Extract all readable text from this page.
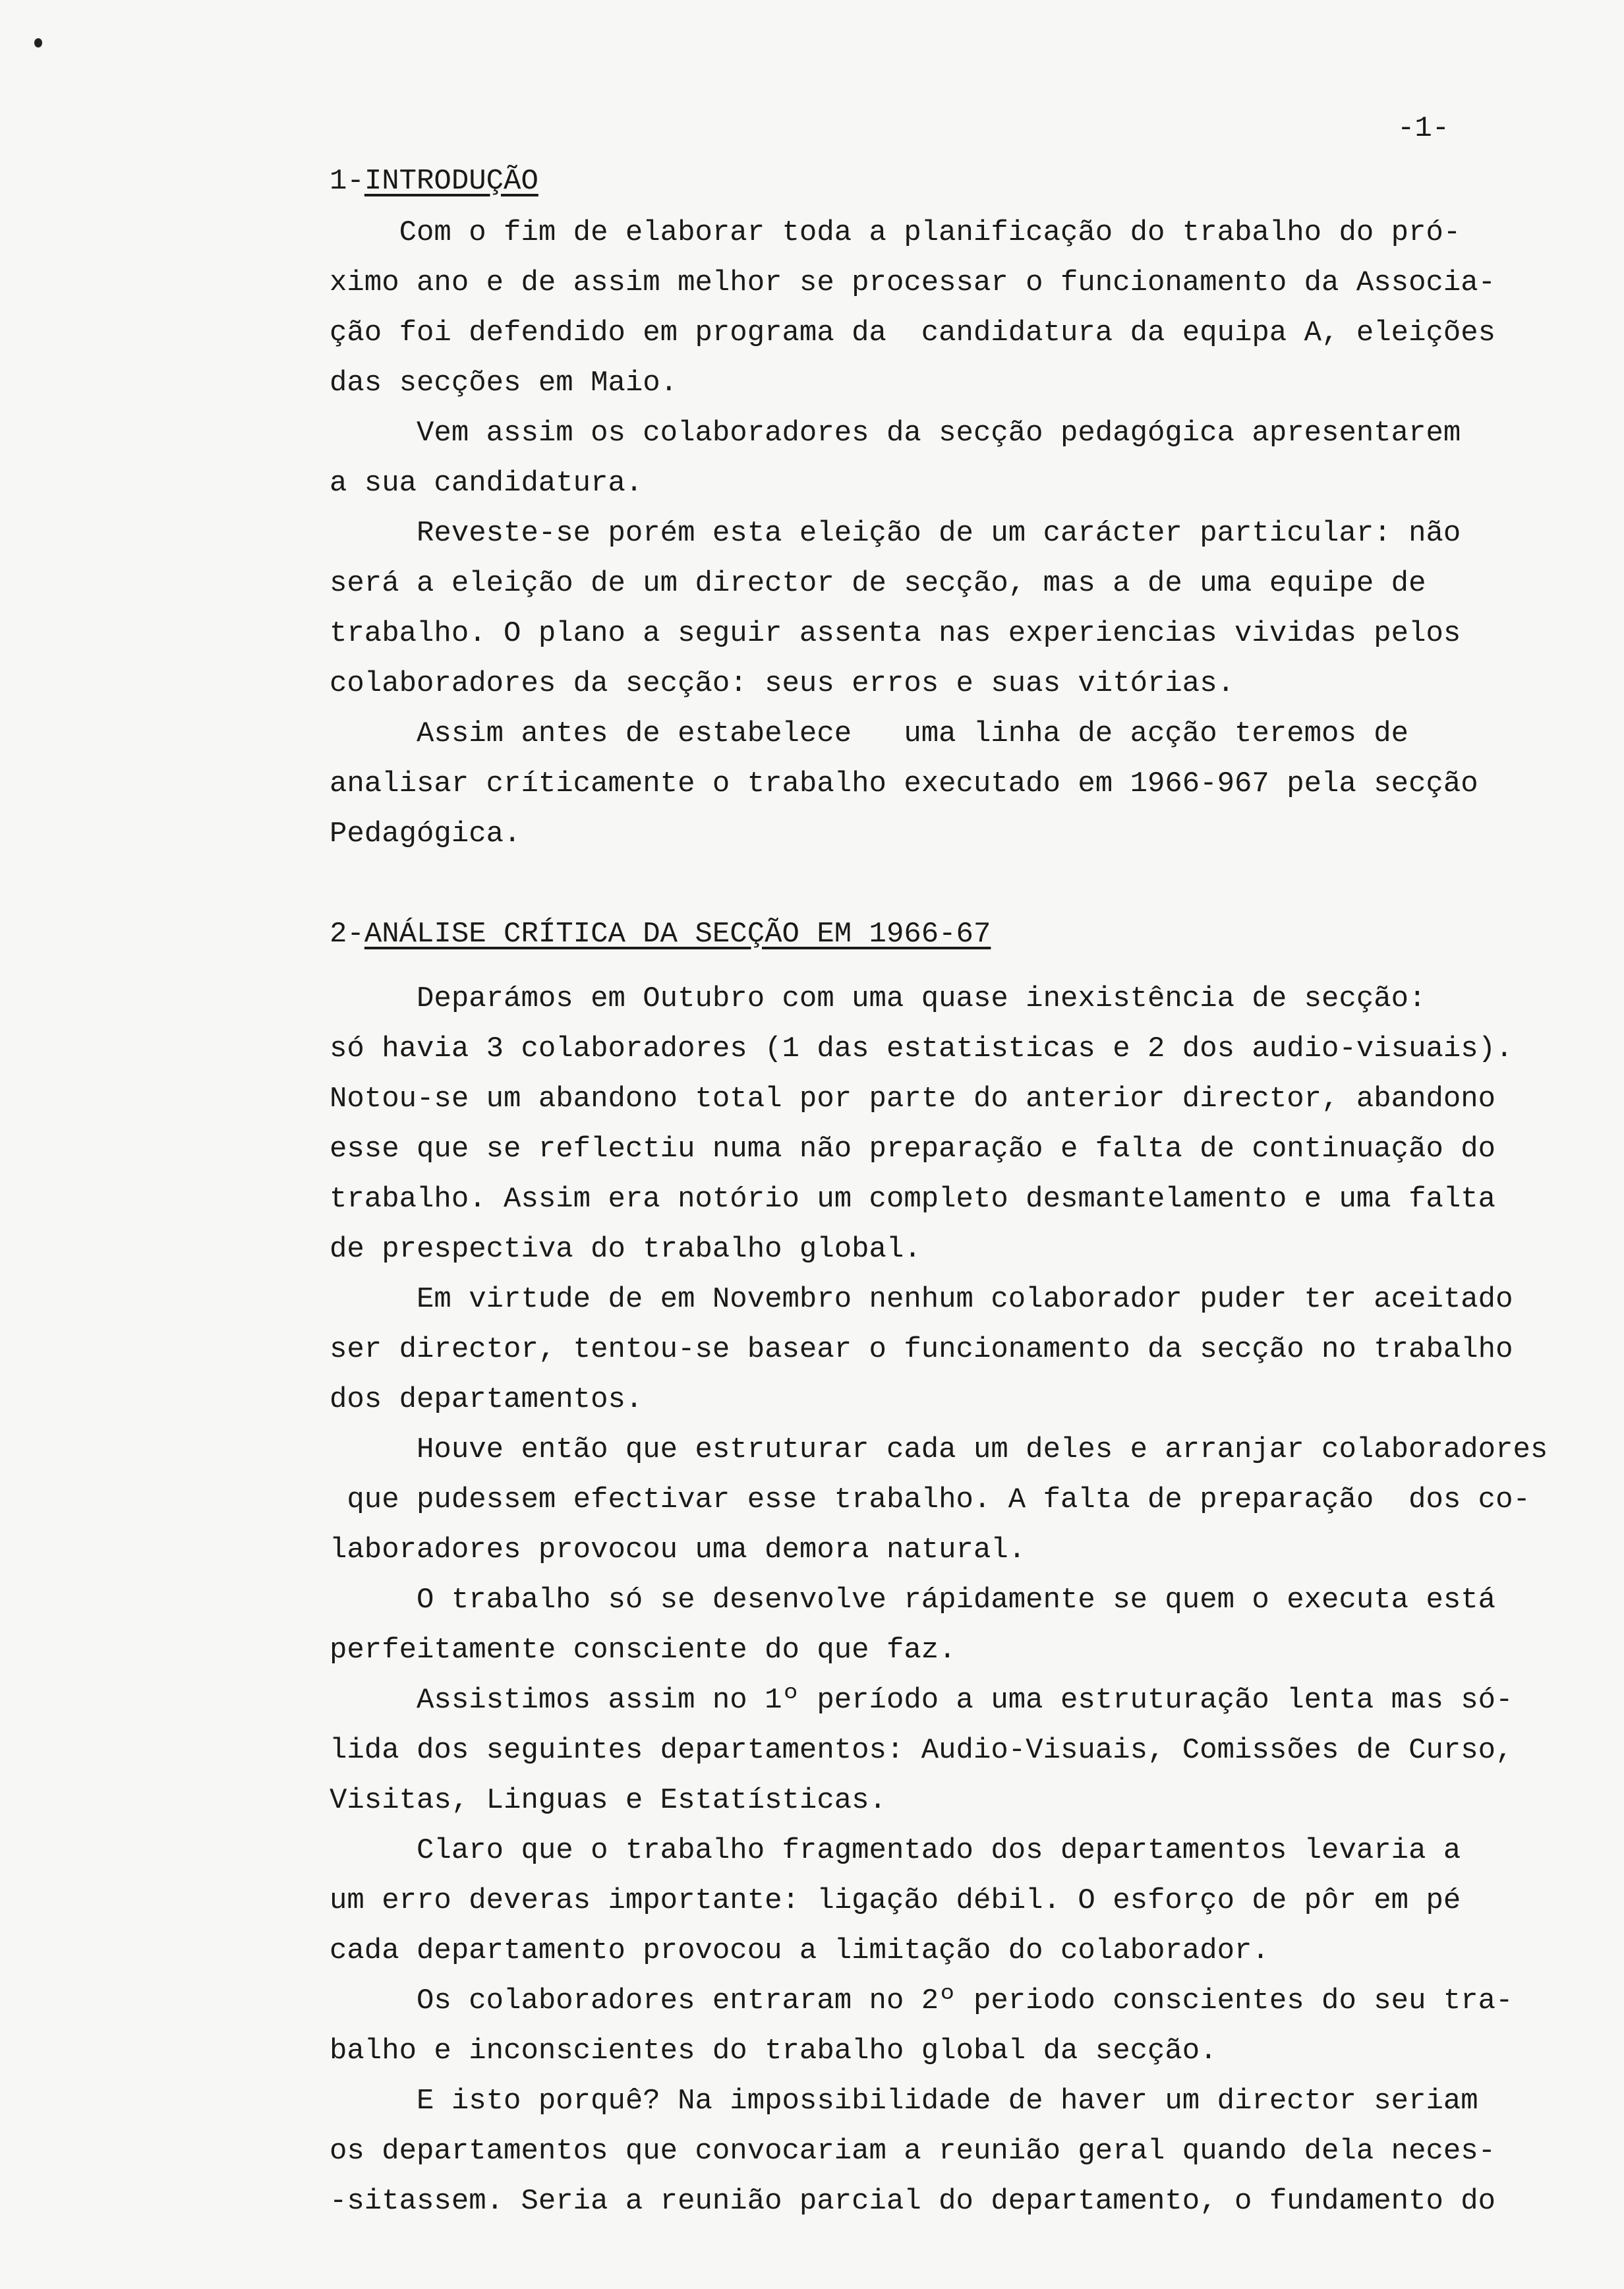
-1-
1-INTRODUÇÃO
Com o fim de elaborar toda a planificação do trabalho do pró-
ximo ano e de assim melhor se processar o funcionamento da Associa-
ção foi defendido em programa da  candidatura da equipa A, eleições
das secções em Maio.
Vem assim os colaboradores da secção pedagógica apresentarem
a sua candidatura.
Reveste-se porém esta eleição de um carácter particular: não
será a eleição de um director de secção, mas a de uma equipe de
trabalho. O plano a seguir assenta nas experiencias vividas pelos
colaboradores da secção: seus erros e suas vitórias.
Assim antes de estabelece   uma linha de acção teremos de
analisar críticamente o trabalho executado em 1966-967 pela secção
Pedagógica.
2-ANÁLISE CRÍTICA DA SECÇÃO EM 1966-67
Deparámos em Outubro com uma quase inexistência de secção:
só havia 3 colaboradores (1 das estatisticas e 2 dos audio-visuais).
Notou-se um abandono total por parte do anterior director, abandono
esse que se reflectiu numa não preparação e falta de continuação do
trabalho. Assim era notório um completo desmantelamento e uma falta
de prespectiva do trabalho global.
Em virtude de em Novembro nenhum colaborador puder ter aceitado
ser director, tentou-se basear o funcionamento da secção no trabalho
dos departamentos.
Houve então que estruturar cada um deles e arranjar colaboradores
que pudessem efectivar esse trabalho. A falta de preparação  dos co-
laboradores provocou uma demora natural.
O trabalho só se desenvolve rápidamente se quem o executa está
perfeitamente consciente do que faz.
Assistimos assim no 1º período a uma estruturação lenta mas só-
lida dos seguintes departamentos: Audio-Visuais, Comissões de Curso,
Visitas, Linguas e Estatísticas.
Claro que o trabalho fragmentado dos departamentos levaria a
um erro deveras importante: ligação débil. O esforço de pôr em pé
cada departamento provocou a limitação do colaborador.
Os colaboradores entraram no 2º periodo conscientes do seu tra-
balho e inconscientes do trabalho global da secção.
E isto porquê? Na impossibilidade de haver um director seriam
os departamentos que convocariam a reunião geral quando dela neces-
-sitassem. Seria a reunião parcial do departamento, o fundamento do
